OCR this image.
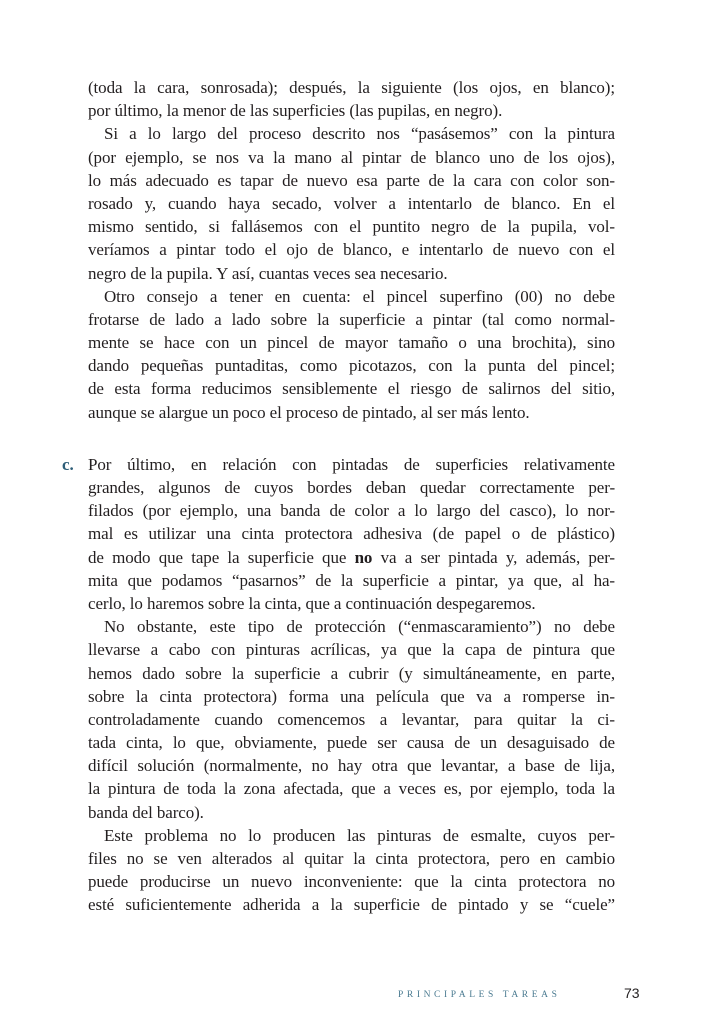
(toda la cara, sonrosada); después, la siguiente (los ojos, en blanco);
por último, la menor de las superficies (las pupilas, en negro).
Si a lo largo del proceso descrito nos “pasásemos” con la pintura
(por ejemplo, se nos va la mano al pintar de blanco uno de los ojos),
lo más adecuado es tapar de nuevo esa parte de la cara con color son-
rosado y, cuando haya secado, volver a intentarlo de blanco. En el
mismo sentido, si fallásemos con el puntito negro de la pupila, vol-
veríamos a pintar todo el ojo de blanco, e intentarlo de nuevo con el
negro de la pupila. Y así, cuantas veces sea necesario.
Otro consejo a tener en cuenta: el pincel superfino (00) no debe
frotarse de lado a lado sobre la superficie a pintar (tal como normal-
mente se hace con un pincel de mayor tamaño o una brochita), sino
dando pequeñas puntaditas, como picotazos, con la punta del pincel;
de esta forma reducimos sensiblemente el riesgo de salirnos del sitio,
aunque se alargue un poco el proceso de pintado, al ser más lento.
c. Por último, en relación con pintadas de superficies relativamente
grandes, algunos de cuyos bordes deban quedar correctamente per-
filados (por ejemplo, una banda de color a lo largo del casco), lo nor-
mal es utilizar una cinta protectora adhesiva (de papel o de plástico)
de modo que tape la superficie que no va a ser pintada y, además, per-
mita que podamos “pasarnos” de la superficie a pintar, ya que, al ha-
cerlo, lo haremos sobre la cinta, que a continuación despegaremos.
No obstante, este tipo de protección (“enmascaramiento”) no debe
llevarse a cabo con pinturas acrílicas, ya que la capa de pintura que
hemos dado sobre la superficie a cubrir (y simultáneamente, en parte,
sobre la cinta protectora) forma una película que va a romperse in-
controladamente cuando comencemos a levantar, para quitar la ci-
tada cinta, lo que, obviamente, puede ser causa de un desaguisado de
difícil solución (normalmente, no hay otra que levantar, a base de lija,
la pintura de toda la zona afectada, que a veces es, por ejemplo, toda la
banda del barco).
Este problema no lo producen las pinturas de esmalte, cuyos per-
files no se ven alterados al quitar la cinta protectora, pero en cambio
puede producirse un nuevo inconveniente: que la cinta protectora no
esté suficientemente adherida a la superficie de pintado y se “cuele”
PRINCIPALES TAREAS	73
